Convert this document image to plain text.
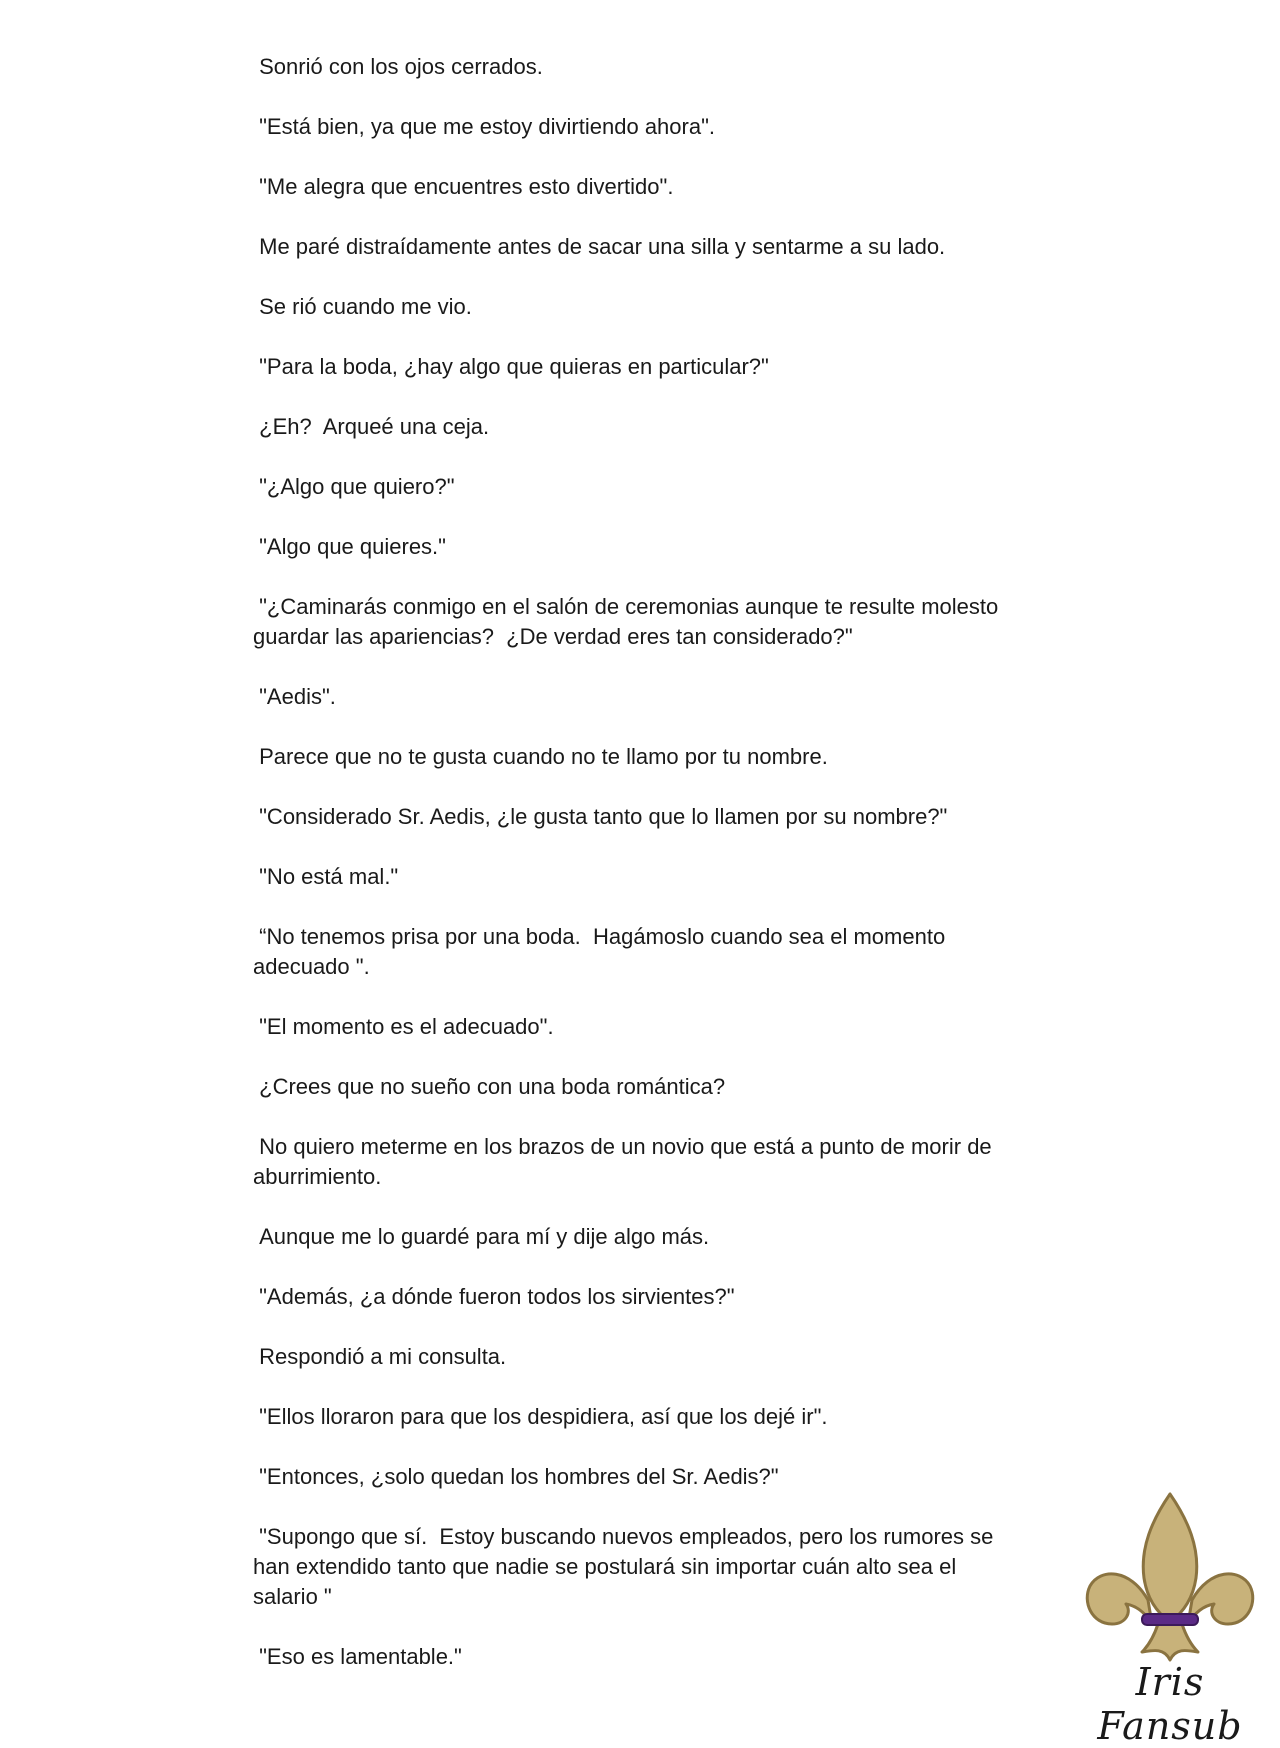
Sonrió con los ojos cerrados.

"Está bien, ya que me estoy divirtiendo ahora".

"Me alegra que encuentres esto divertido".

Me paré distraídamente antes de sacar una silla y sentarme a su lado.

Se rió cuando me vio.

"Para la boda, ¿hay algo que quieras en particular?"

¿Eh?  Arqueé una ceja.

"¿Algo que quiero?"

"Algo que quieres."

"¿Caminarás conmigo en el salón de ceremonias aunque te resulte molesto
guardar las apariencias?  ¿De verdad eres tan considerado?"

"Aedis".

Parece que no te gusta cuando no te llamo por tu nombre.

"Considerado Sr. Aedis, ¿le gusta tanto que lo llamen por su nombre?"

"No está mal."

“No tenemos prisa por una boda.  Hagámoslo cuando sea el momento
adecuado ".

"El momento es el adecuado".

¿Crees que no sueño con una boda romántica?

No quiero meterme en los brazos de un novio que está a punto de morir de
aburrimiento.

Aunque me lo guardé para mí y dije algo más.

"Además, ¿a dónde fueron todos los sirvientes?"

Respondió a mi consulta.

"Ellos lloraron para que los despidiera, así que los dejé ir".

"Entonces, ¿solo quedan los hombres del Sr. Aedis?"

"Supongo que sí.  Estoy buscando nuevos empleados, pero los rumores se
han extendido tanto que nadie se postulará sin importar cuán alto sea el
salario "

"Eso es lamentable."

Iris Fansub
